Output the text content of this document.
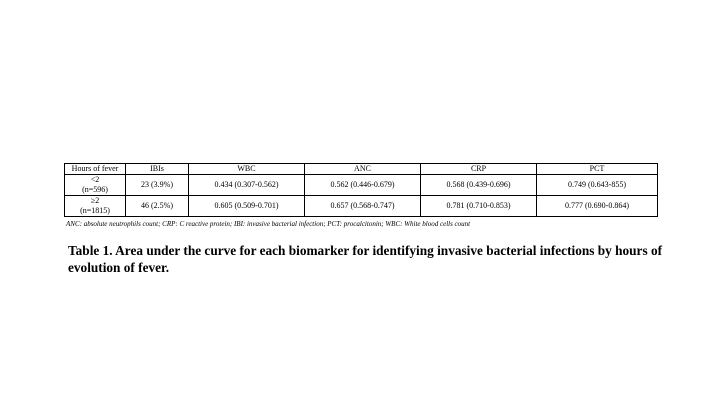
Hours of fever	IBIs	WBC	ANC	CRP	PCT

<2
(n=596)	23 (3.9%)	0.434 (0.307-0.562)	0.562 (0.446-0.679)	0.568 (0.439-0.696)	0.749 (0.643-855)

≥2
(n=1815)	46 (2.5%)	0.605 (0.509-0.701)	0.657 (0.568-0.747)	0.781 (0.710-0.853)	0.777 (0.690-0.864)
ANC: absolute neutrophils count; CRP: C reactive protein; IBI: invasive bacterial infection; PCT: procalcitonin; WBC: White blood cells count
Table 1. Area under the curve for each biomarker for identifying invasive bacterial infections by hours of evolution of fever.
